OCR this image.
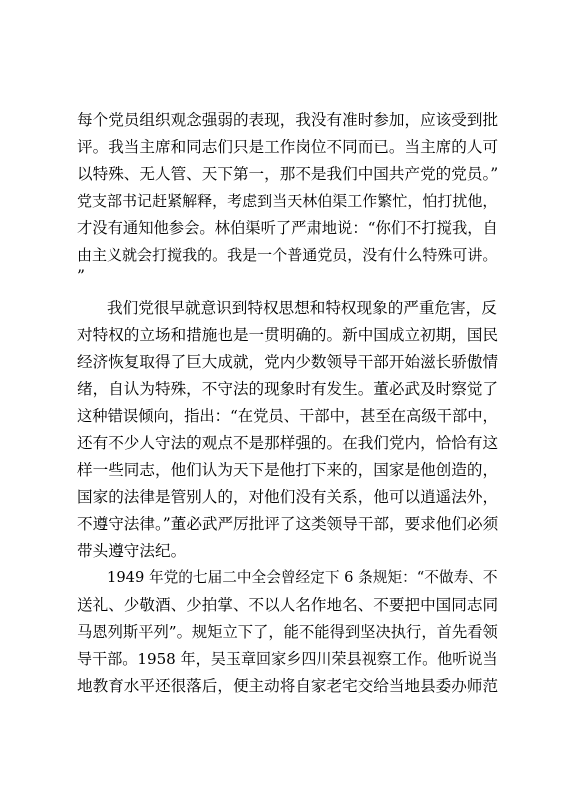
每个党员组织观念强弱的表现，我没有准时参加，应该受到批
评。我当主席和同志们只是工作岗位不同而已。当主席的人可
以特殊、无人管、天下第一，那不是我们中国共产党的党员。”
党支部书记赶紧解释，考虑到当天林伯渠工作繁忙，怕打扰他，
才没有通知他参会。林伯渠听了严肃地说：“你们不打搅我，自
由主义就会打搅我的。我是一个普通党员，没有什么特殊可讲。
”
我们党很早就意识到特权思想和特权现象的严重危害，反
对特权的立场和措施也是一贯明确的。新中国成立初期，国民
经济恢复取得了巨大成就，党内少数领导干部开始滋长骄傲情
绪，自认为特殊，不守法的现象时有发生。董必武及时察觉了
这种错误倾向，指出：“在党员、干部中，甚至在高级干部中，
还有不少人守法的观点不是那样强的。在我们党内，恰恰有这
样一些同志，他们认为天下是他打下来的，国家是他创造的，
国家的法律是管别人的，对他们没有关系，他可以逍遥法外，
不遵守法律。”董必武严厉批评了这类领导干部，要求他们必须
带头遵守法纪。
1949 年党的七届二中全会曾经定下 6 条规矩：“不做寿、不
送礼、少敬酒、少拍掌、不以人名作地名、不要把中国同志同
马恩列斯平列”。规矩立下了，能不能得到坚决执行，首先看领
导干部。1958 年，吴玉章回家乡四川荣县视察工作。他听说当
地教育水平还很落后，便主动将自家老宅交给当地县委办师范
